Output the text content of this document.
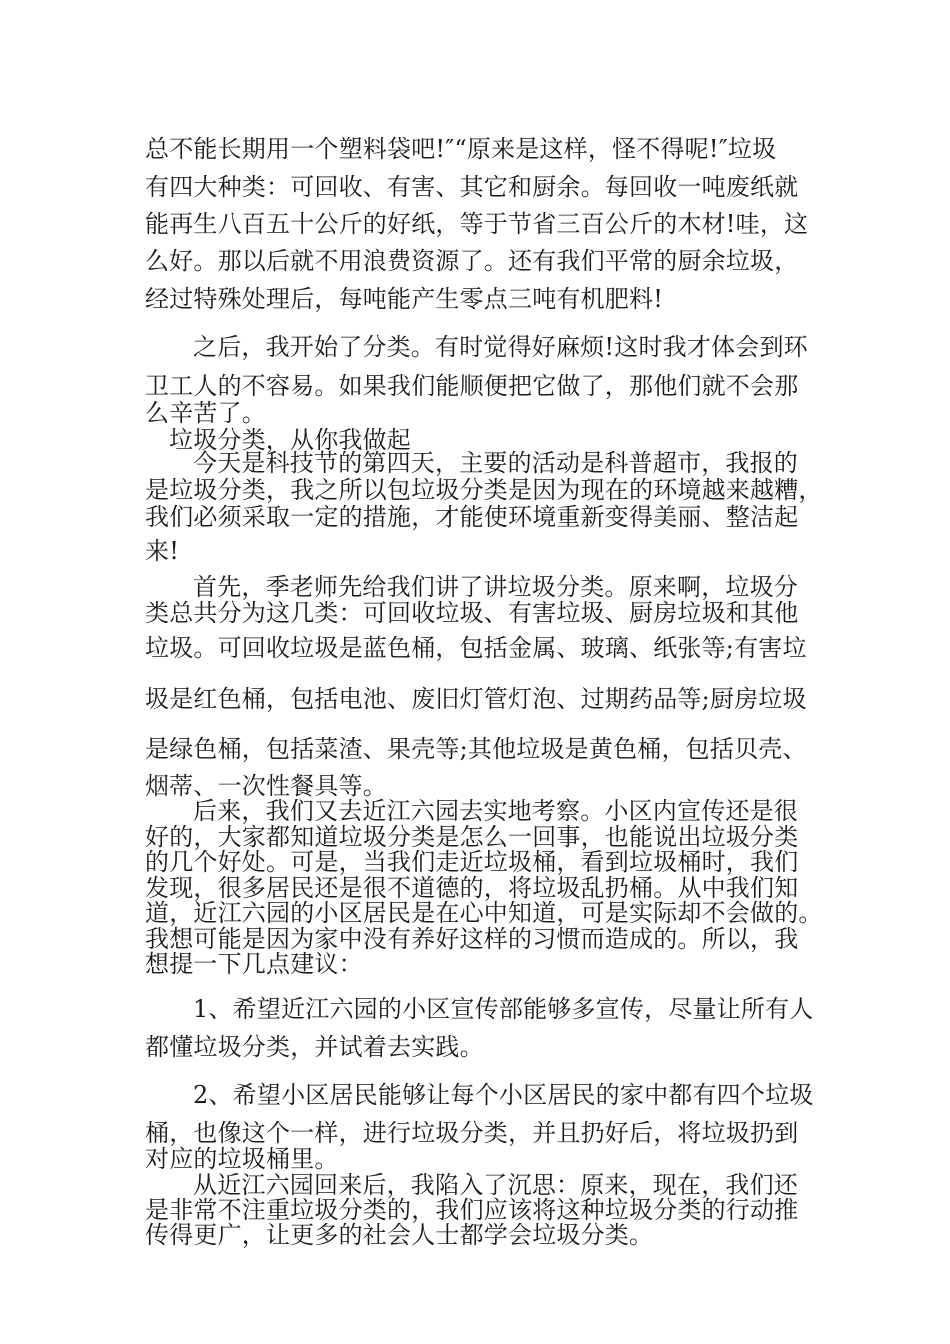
总不能长期用一个塑料袋吧!″“原来是这样，怪不得呢!″垃圾

有四大种类：可回收、有害、其它和厨余。每回收一吨废纸就

能再生八百五十公斤的好纸，等于节省三百公斤的木材!哇，这

么好。那以后就不用浪费资源了。还有我们平常的厨余垃圾，

经过特殊处理后，每吨能产生零点三吨有机肥料!

之后，我开始了分类。有时觉得好麻烦!这时我才体会到环

卫工人的不容易。如果我们能顺便把它做了，那他们就不会那

么辛苦了。

垃圾分类，从你我做起

今天是科技节的第四天，主要的活动是科普超市，我报的

是垃圾分类，我之所以包垃圾分类是因为现在的环境越来越糟，

我们必须采取一定的措施，才能使环境重新变得美丽、整洁起

来!

首先，季老师先给我们讲了讲垃圾分类。原来啊，垃圾分

类总共分为这几类：可回收垃圾、有害垃圾、厨房垃圾和其他

垃圾。可回收垃圾是蓝色桶，包括金属、玻璃、纸张等;有害垃

圾是红色桶，包括电池、废旧灯管灯泡、过期药品等;厨房垃圾

是绿色桶，包括菜渣、果壳等;其他垃圾是黄色桶，包括贝壳、

烟蒂、一次性餐具等。

后来，我们又去近江六园去实地考察。小区内宣传还是很

好的，大家都知道垃圾分类是怎么一回事，也能说出垃圾分类

的几个好处。可是，当我们走近垃圾桶，看到垃圾桶时，我们

发现，很多居民还是很不道德的，将垃圾乱扔桶。从中我们知

道，近江六园的小区居民是在心中知道，可是实际却不会做的。

我想可能是因为家中没有养好这样的习惯而造成的。所以，我

想提一下几点建议：

1、希望近江六园的小区宣传部能够多宣传，尽量让所有人

都懂垃圾分类，并试着去实践。

2、希望小区居民能够让每个小区居民的家中都有四个垃圾

桶，也像这个一样，进行垃圾分类，并且扔好后，将垃圾扔到

对应的垃圾桶里。

从近江六园回来后，我陷入了沉思：原来，现在，我们还

是非常不注重垃圾分类的，我们应该将这种垃圾分类的行动推

传得更广，让更多的社会人士都学会垃圾分类。
